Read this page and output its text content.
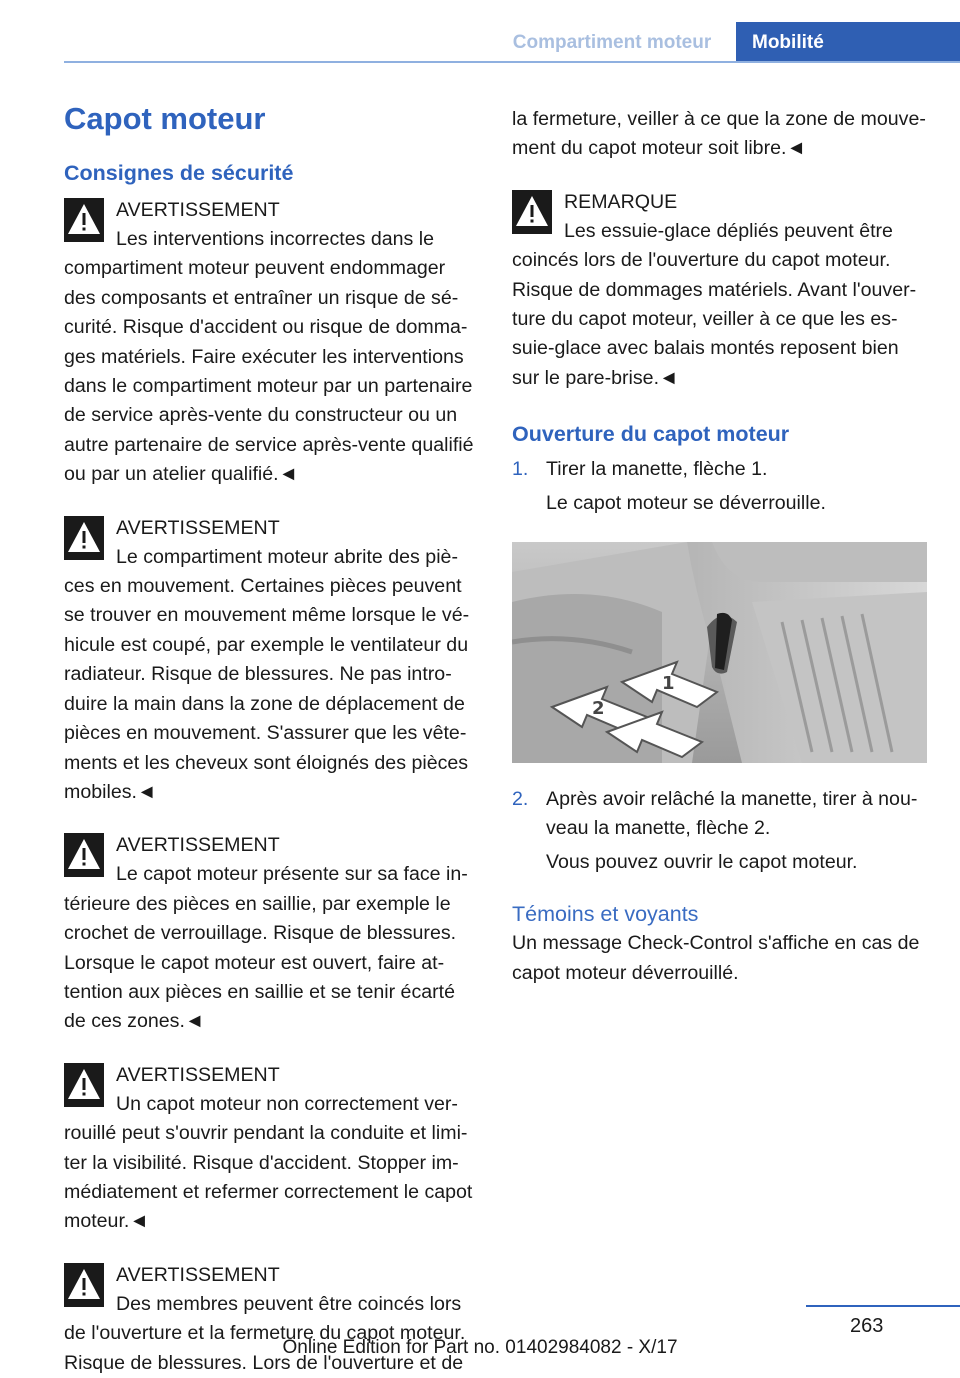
Compartiment moteur	Mobilité
Capot moteur
Consignes de sécurité
AVERTISSEMENT

Les interventions incorrectes dans le compartiment moteur peuvent endommager des composants et entraîner un risque de sé-curité. Risque d'accident ou risque de domma-ges matériels. Faire exécuter les interventions dans le compartiment moteur par un partenaire de service après-vente du constructeur ou un autre partenaire de service après-vente qualifié ou par un atelier qualifié.◄

AVERTISSEMENT

Le compartiment moteur abrite des piè-ces en mouvement. Certaines pièces peuvent se trouver en mouvement même lorsque le vé-hicule est coupé, par exemple le ventilateur du radiateur. Risque de blessures. Ne pas intro-duire la main dans la zone de déplacement de pièces en mouvement. S'assurer que les vête-ments et les cheveux sont éloignés des pièces mobiles.◄

AVERTISSEMENT

Le capot moteur présente sur sa face in-térieure des pièces en saillie, par exemple le crochet de verrouillage. Risque de blessures. Lorsque le capot moteur est ouvert, faire at-tention aux pièces en saillie et se tenir écarté de ces zones.◄

AVERTISSEMENT

Un capot moteur non correctement ver-rouillé peut s'ouvrir pendant la conduite et limi-ter la visibilité. Risque d'accident. Stopper im-médiatement et refermer correctement le capot moteur.◄

AVERTISSEMENT

Des membres peuvent être coincés lors de l'ouverture et la fermeture du capot moteur. Risque de blessures. Lors de l'ouverture et de

la fermeture, veiller à ce que la zone de mouve-ment du capot moteur soit libre.◄

REMARQUE

Les essuie-glace dépliés peuvent être coincés lors de l'ouverture du capot moteur. Risque de dommages matériels. Avant l'ouver-ture du capot moteur, veiller à ce que les es-suie-glace avec balais montés reposent bien sur le pare-brise.◄

Ouverture du capot moteur
1. Tirer la manette, flèche 1.
Le capot moteur se déverrouille.
1
2
2. Après avoir relâché la manette, tirer à nou-veau la manette, flèche 2.
Vous pouvez ouvrir le capot moteur.
Témoins et voyants

Un message Check-Control s'affiche en cas de capot moteur déverrouillé.

263
Online Edition for Part no. 01402984082 - X/17
